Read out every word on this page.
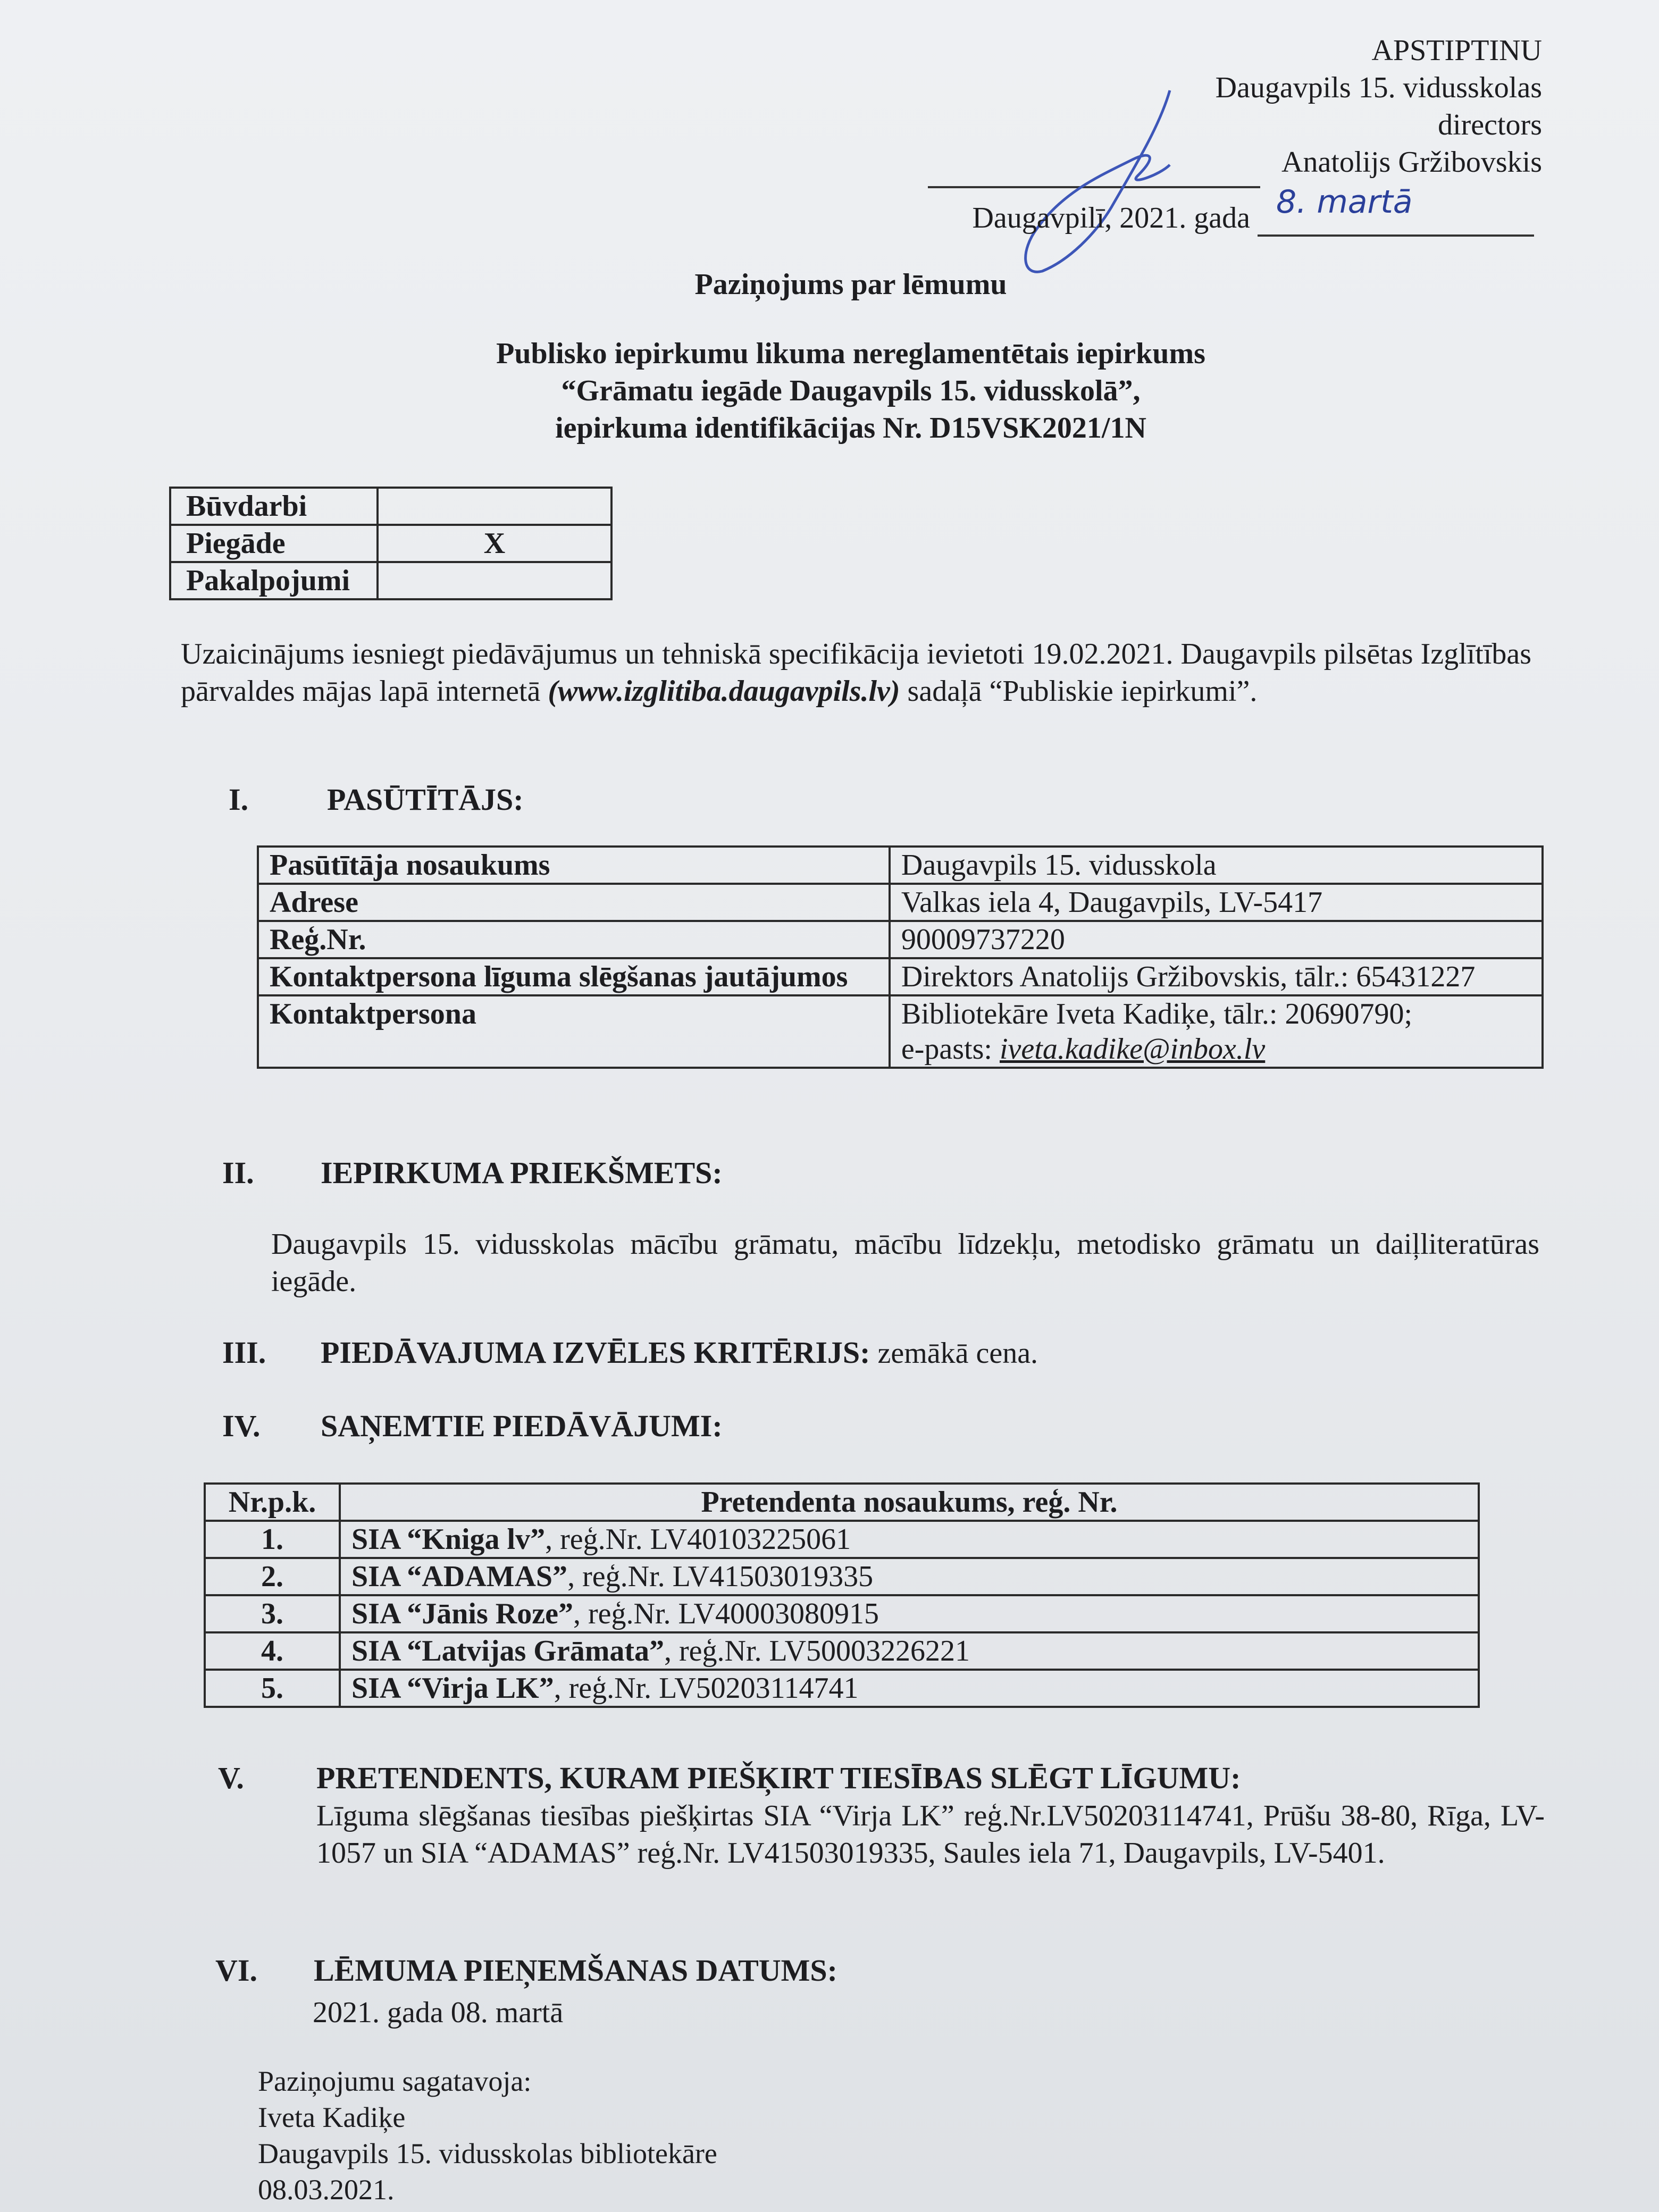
APSTIPTINU
Daugavpils 15. vidusskolas
directors
Anatolijs Gržibovskis
Daugavpilī, 2021. gada 8. martā
Paziņojums par lēmumu
Publisko iepirkumu likuma nereglamentētais iepirkums
“Grāmatu iegāde Daugavpils 15. vidusskolā”,
iepirkuma identifikācijas Nr. D15VSK2021/1N
Būvdarbi	
Piegāde	X
Pakalpojumi	
Uzaicinājums iesniegt piedāvājumus un tehniskā specifikācija ievietoti 19.02.2021. Daugavpils pilsētas Izglītības pārvaldes mājas lapā internetā (www.izglitiba.daugavpils.lv) sadaļā “Publiskie iepirkumi”.
I.	PASŪTĪTĀJS:
Pasūtītāja nosaukums	Daugavpils 15. vidusskola
Adrese	Valkas iela 4, Daugavpils, LV-5417
Reģ.Nr.	90009737220
Kontaktpersona līguma slēgšanas jautājumos	Direktors Anatolijs Gržibovskis, tālr.: 65431227
Kontaktpersona	Bibliotekāre Iveta Kadiķe, tālr.: 20690790;
e-pasts: iveta.kadike@inbox.lv
II. IEPIRKUMA PRIEKŠMETS:
Daugavpils 15. vidusskolas mācību grāmatu, mācību līdzekļu, metodisko grāmatu un daiļliteratūras iegāde.
III. PIEDĀVAJUMA IZVĒLES KRITĒRIJS: zemākā cena.
IV. SAŅEMTIE PIEDĀVĀJUMI:
Nr.p.k.	Pretendenta nosaukums, reģ. Nr.
1.	SIA “Kniga lv”, reģ.Nr. LV40103225061
2.	SIA “ADAMAS”, reģ.Nr. LV41503019335
3.	SIA “Jānis Roze”, reģ.Nr. LV40003080915
4.	SIA “Latvijas Grāmata”, reģ.Nr. LV50003226221
5.	SIA “Virja LK”, reģ.Nr. LV50203114741
V. PRETENDENTS, KURAM PIEŠĶIRT TIESĪBAS SLĒGT LĪGUMU:
Līguma slēgšanas tiesības piešķirtas SIA “Virja LK” reģ.Nr.LV50203114741, Prūšu 38-80, Rīga, LV-1057 un SIA “ADAMAS” reģ.Nr. LV41503019335, Saules iela 71, Daugavpils, LV-5401.
VI. LĒMUMA PIEŅEMŠANAS DATUMS:
2021. gada 08. martā
Paziņojumu sagatavoja:
Iveta Kadiķe
Daugavpils 15. vidusskolas bibliotekāre
08.03.2021.
